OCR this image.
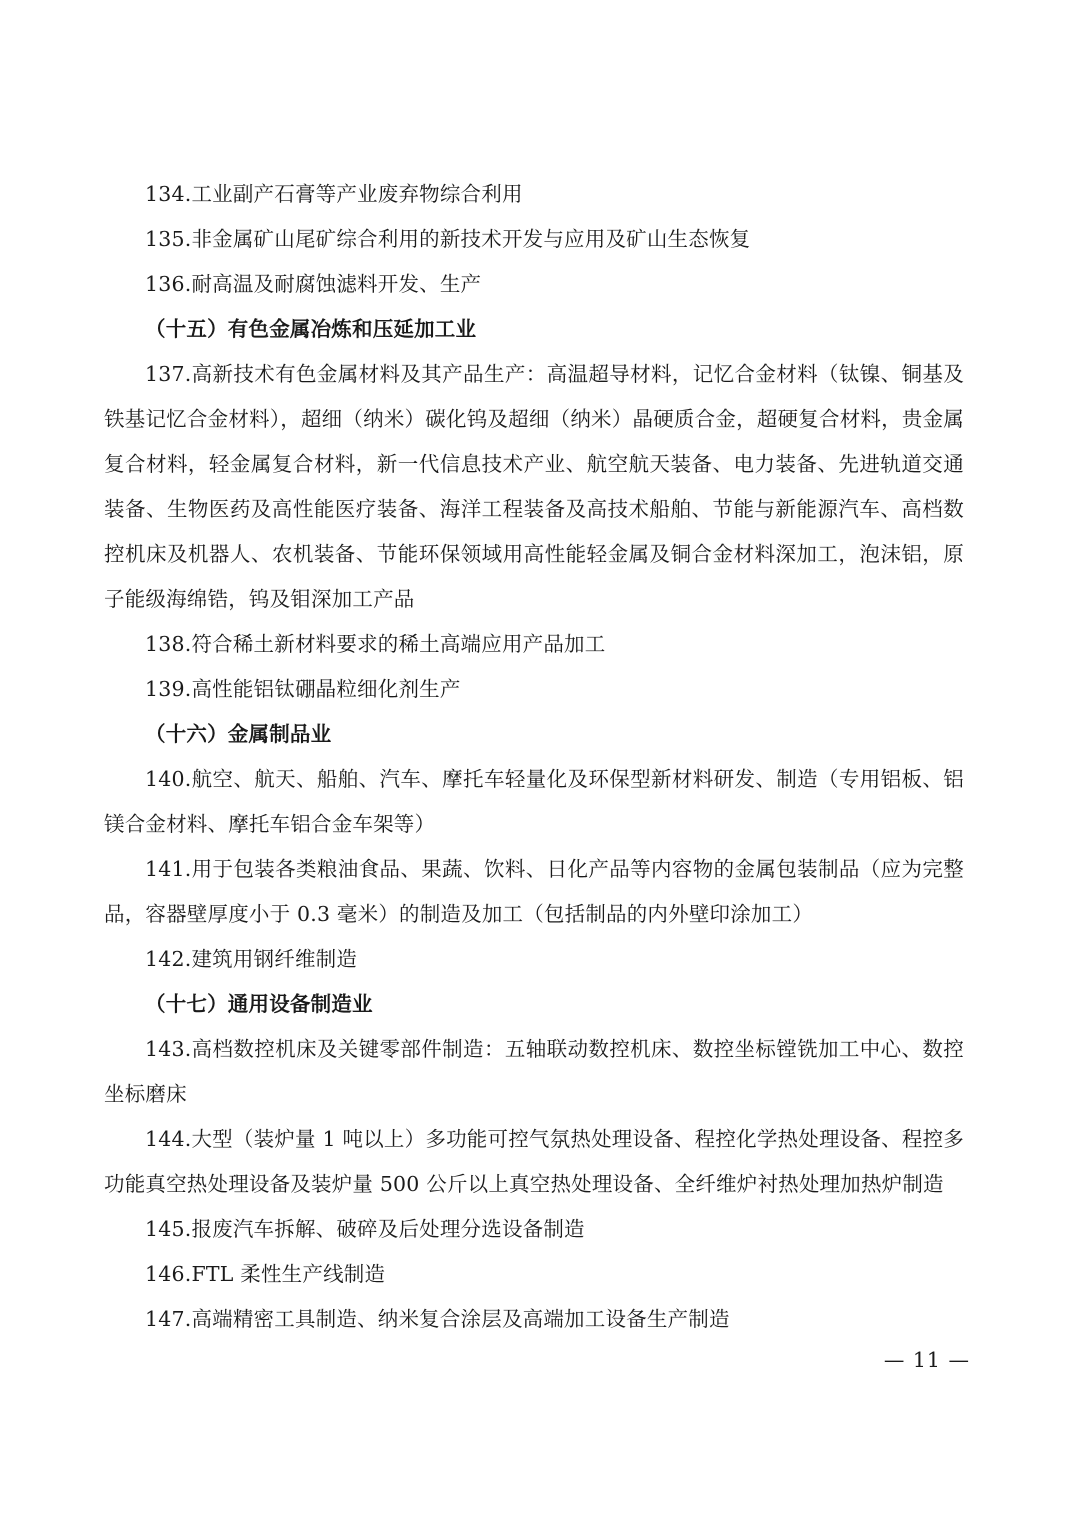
134.工业副产石膏等产业废弃物综合利用

135.非金属矿山尾矿综合利用的新技术开发与应用及矿山生态恢复

136.耐高温及耐腐蚀滤料开发、生产

（十五）有色金属冶炼和压延加工业

137.高新技术有色金属材料及其产品生产：高温超导材料，记忆合金材料（钛镍、铜基及铁基记忆合金材料），超细（纳米）碳化钨及超细（纳米）晶硬质合金，超硬复合材料，贵金属复合材料，轻金属复合材料，新一代信息技术产业、航空航天装备、电力装备、先进轨道交通装备、生物医药及高性能医疗装备、海洋工程装备及高技术船舶、节能与新能源汽车、高档数控机床及机器人、农机装备、节能环保领域用高性能轻金属及铜合金材料深加工，泡沫铝，原子能级海绵锆，钨及钼深加工产品

138.符合稀土新材料要求的稀土高端应用产品加工

139.高性能铝钛硼晶粒细化剂生产

（十六）金属制品业

140.航空、航天、船舶、汽车、摩托车轻量化及环保型新材料研发、制造（专用铝板、铝镁合金材料、摩托车铝合金车架等）

141.用于包装各类粮油食品、果蔬、饮料、日化产品等内容物的金属包装制品（应为完整品，容器壁厚度小于 0.3 毫米）的制造及加工（包括制品的内外壁印涂加工）

142.建筑用钢纤维制造

（十七）通用设备制造业

143.高档数控机床及关键零部件制造：五轴联动数控机床、数控坐标镗铣加工中心、数控坐标磨床

144.大型（装炉量 1 吨以上）多功能可控气氛热处理设备、程控化学热处理设备、程控多功能真空热处理设备及装炉量 500 公斤以上真空热处理设备、全纤维炉衬热处理加热炉制造

145.报废汽车拆解、破碎及后处理分选设备制造

146.FTL 柔性生产线制造

147.高端精密工具制造、纳米复合涂层及高端加工设备生产制造

— 11 —
